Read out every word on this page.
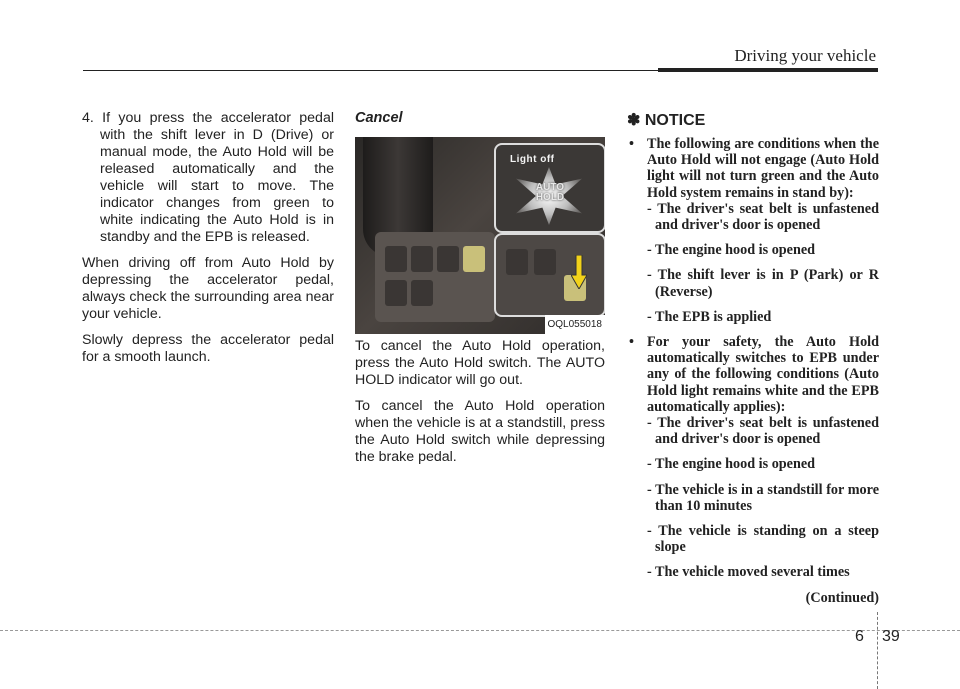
Driving your vehicle

4. If you press the accelerator pedal with the shift lever in D (Drive) or manual mode, the Auto Hold will be released automatically and the vehicle will start to move. The indicator changes from green to white indicating the Auto Hold is in standby and the EPB is released.

When driving off from Auto Hold by depressing the accelerator pedal, always check the surrounding area near your vehicle.

Slowly depress the accelerator pedal for a smooth launch.

Cancel
Light off
AUTO
HOLD
OQL055018

To cancel the Auto Hold operation, press the Auto Hold switch. The AUTO HOLD indicator will go out.

To cancel the Auto Hold operation when the vehicle is at a standstill, press the Auto Hold switch while depressing the brake pedal.

✽ NOTICE

• The following are conditions when the Auto Hold will not engage (Auto Hold light will not turn green and the Auto Hold system remains in stand by):

- The driver's seat belt is unfastened and driver's door is opened

- The engine hood is opened

- The shift lever is in P (Park) or R (Reverse)

- The EPB is applied

• For your safety, the Auto Hold automatically switches to EPB under any of the following conditions (Auto Hold light remains white and the EPB automatically applies):

- The driver's seat belt is unfastened and driver's door is opened

- The engine hood is opened

- The vehicle is in a standstill for more than 10 minutes

- The vehicle is standing on a steep slope

- The vehicle moved several times

(Continued)

6 39
